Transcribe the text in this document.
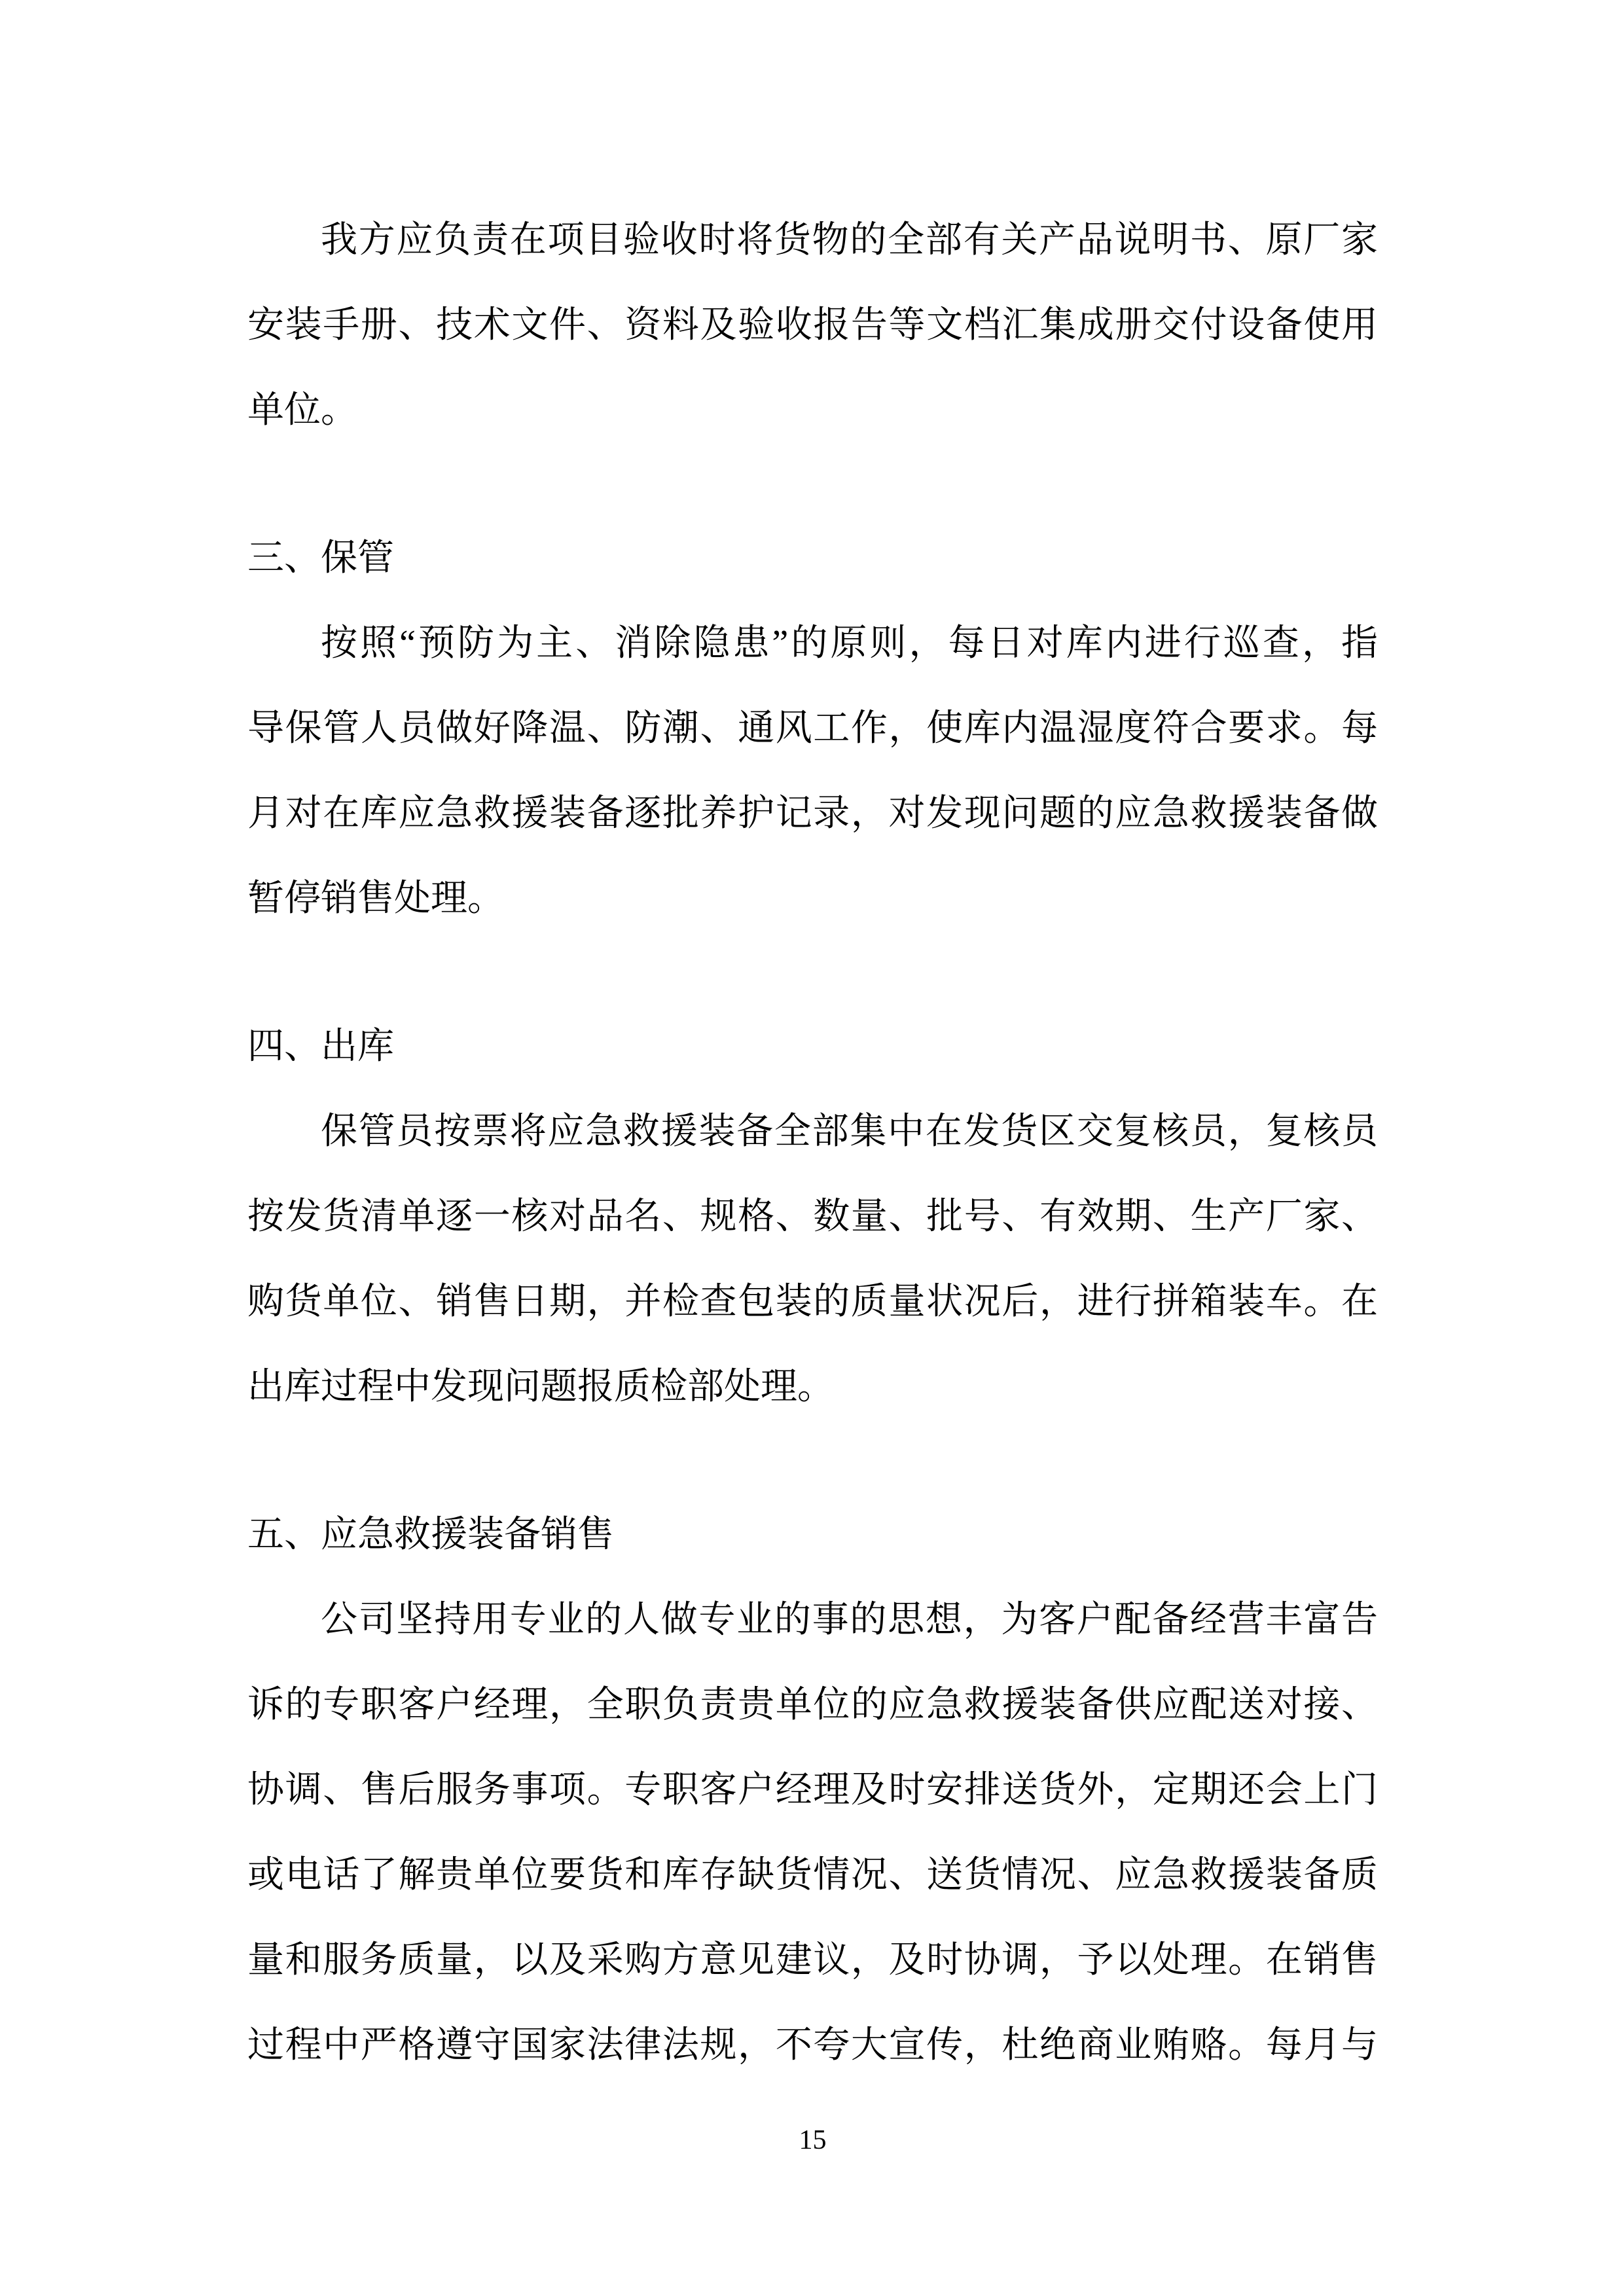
我方应负责在项目验收时将货物的全部有关产品说明书、原厂家
安装手册、技术文件、资料及验收报告等文档汇集成册交付设备使用
单位。
三、保管
按照“预防为主、消除隐患”的原则，每日对库内进行巡查，指
导保管人员做好降温、防潮、通风工作，使库内温湿度符合要求。每
月对在库应急救援装备逐批养护记录，对发现问题的应急救援装备做
暂停销售处理。
四、出库
保管员按票将应急救援装备全部集中在发货区交复核员，复核员
按发货清单逐一核对品名、规格、数量、批号、有效期、生产厂家、
购货单位、销售日期，并检查包装的质量状况后，进行拼箱装车。在
出库过程中发现问题报质检部处理。
五、应急救援装备销售
公司坚持用专业的人做专业的事的思想，为客户配备经营丰富告
诉的专职客户经理，全职负责贵单位的应急救援装备供应配送对接、
协调、售后服务事项。专职客户经理及时安排送货外，定期还会上门
或电话了解贵单位要货和库存缺货情况、送货情况、应急救援装备质
量和服务质量，以及采购方意见建议，及时协调，予以处理。在销售
过程中严格遵守国家法律法规，不夸大宣传，杜绝商业贿赂。每月与
15
